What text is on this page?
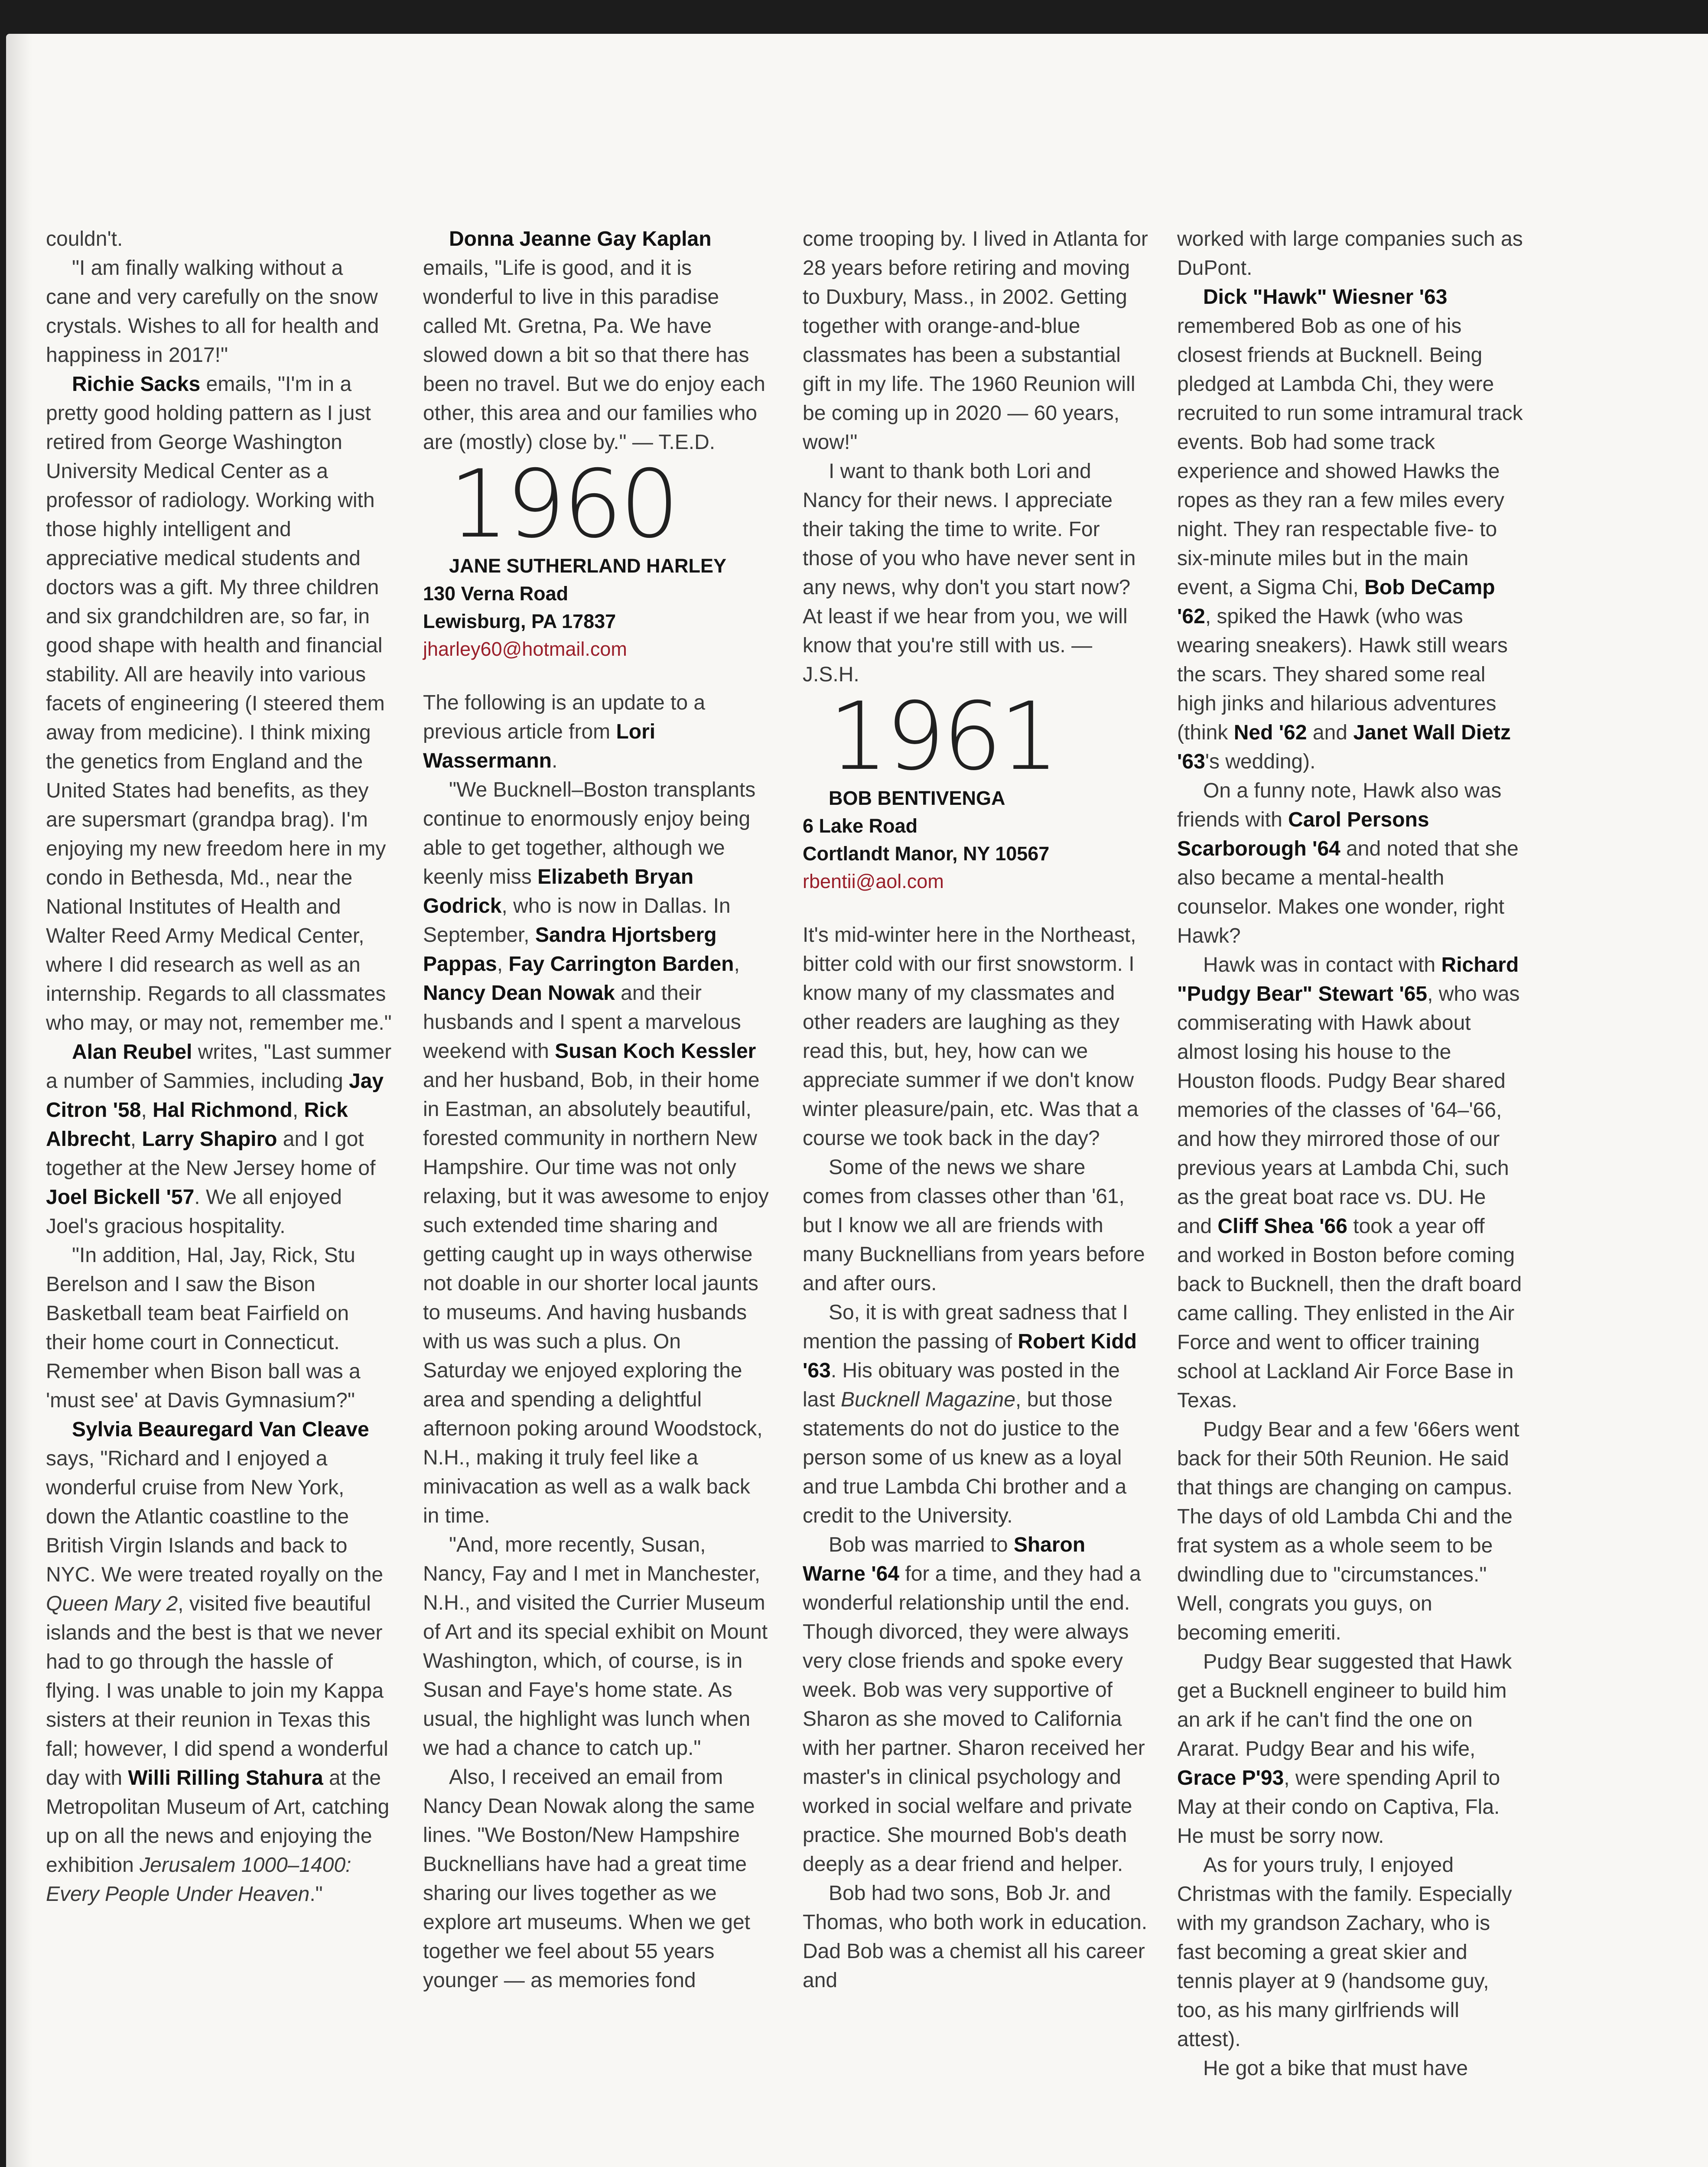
couldn't.

"I am finally walking without a cane and very carefully on the snow crystals. Wishes to all for health and happiness in 2017!"

Richie Sacks emails, "I'm in a pretty good holding pattern as I just retired from George Washington University Medical Center as a professor of radiology. Working with those highly intelligent and appreciative medical students and doctors was a gift. My three children and six grandchildren are, so far, in good shape with health and financial stability. All are heavily into various facets of engineering (I steered them away from medicine). I think mixing the genetics from England and the United States had benefits, as they are supersmart (grandpa brag). I'm enjoying my new freedom here in my condo in Bethesda, Md., near the National Institutes of Health and Walter Reed Army Medical Center, where I did research as well as an internship. Regards to all classmates who may, or may not, remember me."

Alan Reubel writes, "Last summer a number of Sammies, including Jay Citron '58, Hal Richmond, Rick Albrecht, Larry Shapiro and I got together at the New Jersey home of Joel Bickell '57. We all enjoyed Joel's gracious hospitality.

"In addition, Hal, Jay, Rick, Stu Berelson and I saw the Bison Basketball team beat Fairfield on their home court in Connecticut. Remember when Bison ball was a 'must see' at Davis Gymnasium?"

Sylvia Beauregard Van Cleave says, "Richard and I enjoyed a wonderful cruise from New York, down the Atlantic coastline to the British Virgin Islands and back to NYC. We were treated royally on the Queen Mary 2, visited five beautiful islands and the best is that we never had to go through the hassle of flying. I was unable to join my Kappa sisters at their reunion in Texas this fall; however, I did spend a wonderful day with Willi Rilling Stahura at the Metropolitan Museum of Art, catching up on all the news and enjoying the exhibition Jerusalem 1000–1400: Every People Under Heaven."

Donna Jeanne Gay Kaplan emails, "Life is good, and it is wonderful to live in this paradise called Mt. Gretna, Pa. We have slowed down a bit so that there has been no travel. But we do enjoy each other, this area and our families who are (mostly) close by." — T.E.D.

1960

JANE SUTHERLAND HARLEY
130 Verna Road
Lewisburg, PA 17837
jharley60@hotmail.com

The following is an update to a previous article from Lori Wassermann.

"We Bucknell–Boston transplants continue to enormously enjoy being able to get together, although we keenly miss Elizabeth Bryan Godrick, who is now in Dallas. In September, Sandra Hjortsberg Pappas, Fay Carrington Barden, Nancy Dean Nowak and their husbands and I spent a marvelous weekend with Susan Koch Kessler and her husband, Bob, in their home in Eastman, an absolutely beautiful, forested community in northern New Hampshire. Our time was not only relaxing, but it was awesome to enjoy such extended time sharing and getting caught up in ways otherwise not doable in our shorter local jaunts to museums. And having husbands with us was such a plus. On Saturday we enjoyed exploring the area and spending a delightful afternoon poking around Woodstock, N.H., making it truly feel like a minivacation as well as a walk back in time.

"And, more recently, Susan, Nancy, Fay and I met in Manchester, N.H., and visited the Currier Museum of Art and its special exhibit on Mount Washington, which, of course, is in Susan and Faye's home state. As usual, the highlight was lunch when we had a chance to catch up."

Also, I received an email from Nancy Dean Nowak along the same lines. "We Boston/New Hampshire Bucknellians have had a great time sharing our lives together as we explore art museums. When we get together we feel about 55 years younger — as memories fond

come trooping by. I lived in Atlanta for 28 years before retiring and moving to Duxbury, Mass., in 2002. Getting together with orange-and-blue classmates has been a substantial gift in my life. The 1960 Reunion will be coming up in 2020 — 60 years, wow!"

I want to thank both Lori and Nancy for their news. I appreciate their taking the time to write. For those of you who have never sent in any news, why don't you start now? At least if we hear from you, we will know that you're still with us. — J.S.H.

1961

BOB BENTIVENGA
6 Lake Road
Cortlandt Manor, NY 10567
rbentii@aol.com

It's mid-winter here in the Northeast, bitter cold with our first snowstorm. I know many of my classmates and other readers are laughing as they read this, but, hey, how can we appreciate summer if we don't know winter pleasure/pain, etc. Was that a course we took back in the day?

Some of the news we share comes from classes other than '61, but I know we all are friends with many Bucknellians from years before and after ours.

So, it is with great sadness that I mention the passing of Robert Kidd '63. His obituary was posted in the last Bucknell Magazine, but those statements do not do justice to the person some of us knew as a loyal and true Lambda Chi brother and a credit to the University.

Bob was married to Sharon Warne '64 for a time, and they had a wonderful relationship until the end. Though divorced, they were always very close friends and spoke every week. Bob was very supportive of Sharon as she moved to California with her partner. Sharon received her master's in clinical psychology and worked in social welfare and private practice. She mourned Bob's death deeply as a dear friend and helper.

Bob had two sons, Bob Jr. and Thomas, who both work in education. Dad Bob was a chemist all his career and

worked with large companies such as DuPont.

Dick "Hawk" Wiesner '63 remembered Bob as one of his closest friends at Bucknell. Being pledged at Lambda Chi, they were recruited to run some intramural track events. Bob had some track experience and showed Hawks the ropes as they ran a few miles every night. They ran respectable five- to six-minute miles but in the main event, a Sigma Chi, Bob DeCamp '62, spiked the Hawk (who was wearing sneakers). Hawk still wears the scars. They shared some real high jinks and hilarious adventures (think Ned '62 and Janet Wall Dietz '63's wedding).

On a funny note, Hawk also was friends with Carol Persons Scarborough '64 and noted that she also became a mental-health counselor. Makes one wonder, right Hawk?

Hawk was in contact with Richard "Pudgy Bear" Stewart '65, who was commiserating with Hawk about almost losing his house to the Houston floods. Pudgy Bear shared memories of the classes of '64–'66, and how they mirrored those of our previous years at Lambda Chi, such as the great boat race vs. DU. He and Cliff Shea '66 took a year off and worked in Boston before coming back to Bucknell, then the draft board came calling. They enlisted in the Air Force and went to officer training school at Lackland Air Force Base in Texas.

Pudgy Bear and a few '66ers went back for their 50th Reunion. He said that things are changing on campus. The days of old Lambda Chi and the frat system as a whole seem to be dwindling due to "circumstances." Well, congrats you guys, on becoming emeriti.

Pudgy Bear suggested that Hawk get a Bucknell engineer to build him an ark if he can't find the one on Ararat. Pudgy Bear and his wife, Grace P'93, were spending April to May at their condo on Captiva, Fla. He must be sorry now.

As for yours truly, I enjoyed Christmas with the family. Especially with my grandson Zachary, who is fast becoming a great skier and tennis player at 9 (handsome guy, too, as his many girlfriends will attest).

He got a bike that must have
